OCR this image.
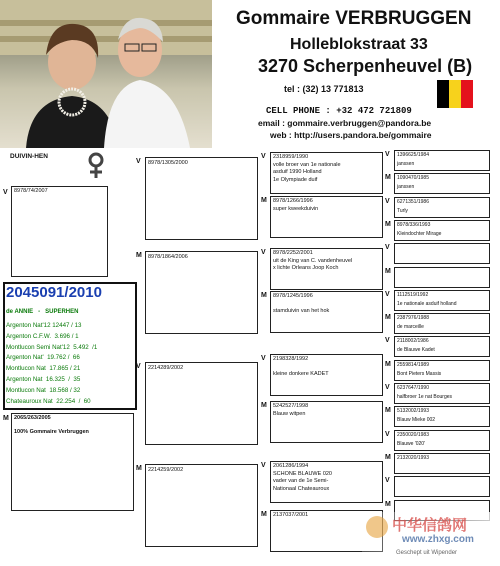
Gommaire VERBRUGGEN
Holleblokstraat 33
3270 Scherpenheuvel (B)
tel : (32) 13 771813
CELL PHONE : +32 472 721809
email : gommaire.verbruggen@pandora.be
web : http://users.pandora.be/gommaire
DUIVIN-HEN
V 8978/74/2007
2045091/2010
de ANNIE   -   SUPERHEN
Argenton Nat'12 12447 / 13
Argenton C.F.W.  3.696 / 1
Montlucon Semi Nat'12  5.492  /1
Argenton Nat'  19.762 /  66
Montlucon Nat  17.865 / 21
Argenton Nat  16.325  /  35
Montlucon Nat  18.568 / 32
Chateauroux Nat  22.254  /  60
M 2065/263/2005
100% Gommaire Verbruggen
V 8978/1305/2000
M 8978/1864/2006
V 2214289/2002
M 2214259/2002
V 2318959/1990
volle broer van 1e nationale
asduif 1990 Holland
1e Olympiade duif
M 8978/1266/1996
super kweekduivin
V 8978/2252/2001
uit de King van C. vandenheuvel
x lichte Orleans Joop Koch
M 8978/1245/1996
stamduivin van het hok
V 2198328/1992
kleine donkere KADET
M 5242527/1998
Blauw witpen
V 2061286/1994
SCHONE BLAUWE 020
vader van de 1e Semi-
Nationaal Chateauroux
M 2137037/2001
V 1396625/1984
janssen
M 1090470/1985
janssen
V 6271351/1986
Turly
M 8978/336/1993
Kleindochter Mirage
V
M
V 1112519/1992
1e nationale asduif holland
M 2387976/1988
de marceille
V 2118002/1986
de Blauwe Kadet
M 2559814/1989
Bont Pieters Massis
V 6237647/1990
halfbroer 1e nat Bourges
M 5132002/1993
Blauw Mieke 002
V 2350020/1983
Blauwe '020'
M 2132020/1993
V
M
中华信鸽网
www.zhxg.com
Geschept uit Wipender
